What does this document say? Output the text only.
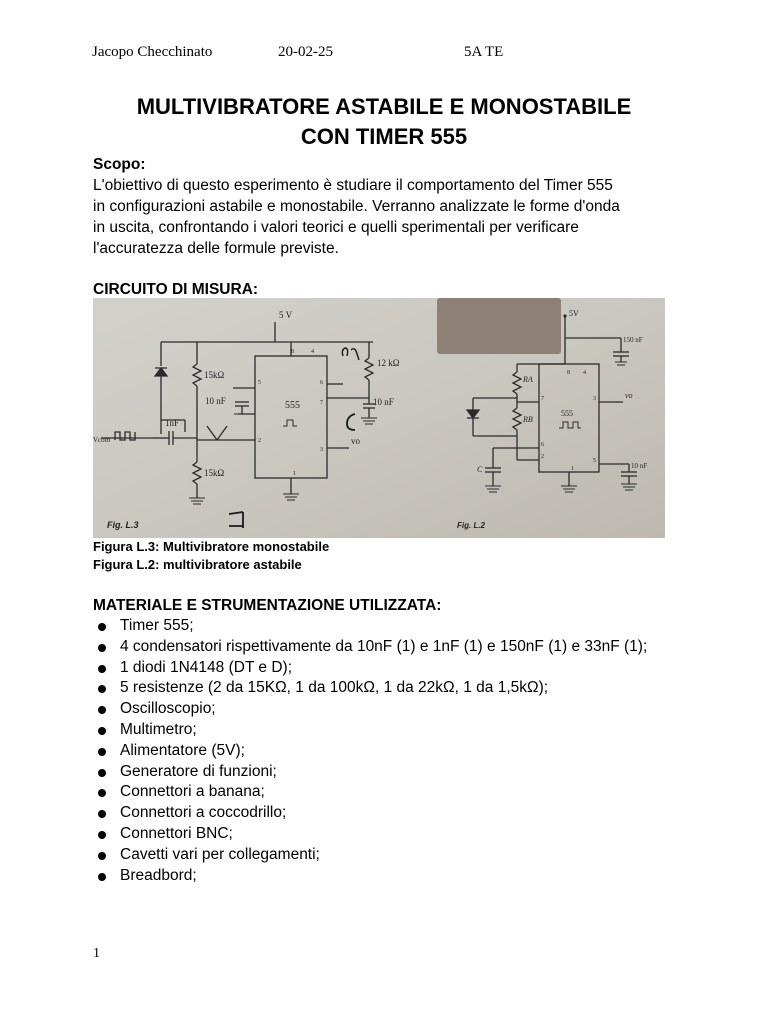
Jacopo Checchinato	20-02-25	5A TE
MULTIVIBRATORE ASTABILE E MONOSTABILE
CON TIMER 555
Scopo:
L'obiettivo di questo esperimento è studiare il comportamento del Timer 555
in configurazioni astabile e monostabile. Verranno analizzate le forme d'onda
in uscita, confrontando i valori teorici e quelli sperimentali per verificare
l'accuratezza delle formule previste.
CIRCUITO DI MISURA:
5 V
15kΩ
10 nF	555
1nF
12 kΩ
10 nF
Vcom	vo
15kΩ
Fig. L.3
8	4
5	6
7
2
3
1
5V
150 nF
RA
RB
555
vo
C	10 nF
Fig. L.2
8 4
7
6
2
3
5
1
Figura L.3: Multivibratore monostabile
Figura L.2: multivibratore astabile
MATERIALE E STRUMENTAZIONE UTILIZZATA:
Timer 555;
4 condensatori rispettivamente da 10nF (1) e 1nF (1) e 150nF (1) e 33nF (1);
1 diodi 1N4148 (DT e D);
5 resistenze (2 da 15KΩ, 1 da 100kΩ, 1 da 22kΩ, 1 da 1,5kΩ);
Oscilloscopio;
Multimetro;
Alimentatore (5V);
Generatore di funzioni;
Connettori a banana;
Connettori a coccodrillo;
Connettori BNC;
Cavetti vari per collegamenti;
Breadbord;
1
